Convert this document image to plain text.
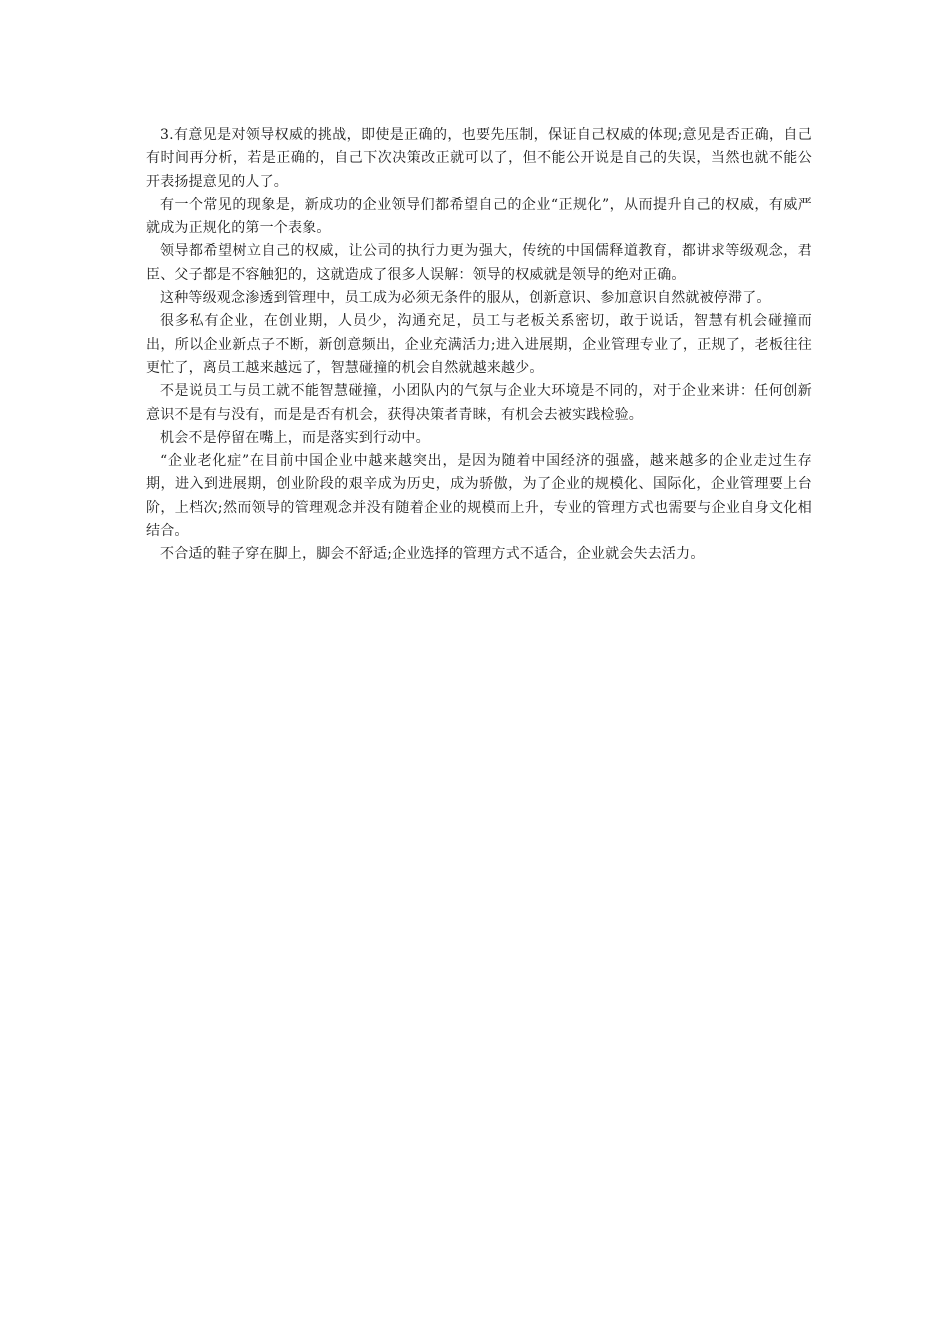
3.有意见是对领导权威的挑战，即使是正确的，也要先压制，保证自己权威的体现;意见是否正确，自己有时间再分析，若是正确的，自己下次决策改正就可以了，但不能公开说是自己的失误，当然也就不能公开表扬提意见的人了。

有一个常见的现象是，新成功的企业领导们都希望自己的企业“正规化”，从而提升自己的权威，有威严就成为正规化的第一个表象。

领导都希望树立自己的权威，让公司的执行力更为强大，传统的中国儒释道教育，都讲求等级观念，君臣、父子都是不容触犯的，这就造成了很多人误解：领导的权威就是领导的绝对正确。

这种等级观念渗透到管理中，员工成为必须无条件的服从，创新意识、参加意识自然就被停滞了。

很多私有企业，在创业期，人员少，沟通充足，员工与老板关系密切，敢于说话，智慧有机会碰撞而出，所以企业新点子不断，新创意频出，企业充满活力;进入进展期，企业管理专业了，正规了，老板往往更忙了，离员工越来越远了，智慧碰撞的机会自然就越来越少。

不是说员工与员工就不能智慧碰撞，小团队内的气氛与企业大环境是不同的，对于企业来讲：任何创新意识不是有与没有，而是是否有机会，获得决策者青睐，有机会去被实践检验。

机会不是停留在嘴上，而是落实到行动中。

“企业老化症”在目前中国企业中越来越突出，是因为随着中国经济的强盛，越来越多的企业走过生存期，进入到进展期，创业阶段的艰辛成为历史，成为骄傲，为了企业的规模化、国际化，企业管理要上台阶，上档次;然而领导的管理观念并没有随着企业的规模而上升，专业的管理方式也需要与企业自身文化相结合。

不合适的鞋子穿在脚上，脚会不舒适;企业选择的管理方式不适合，企业就会失去活力。
